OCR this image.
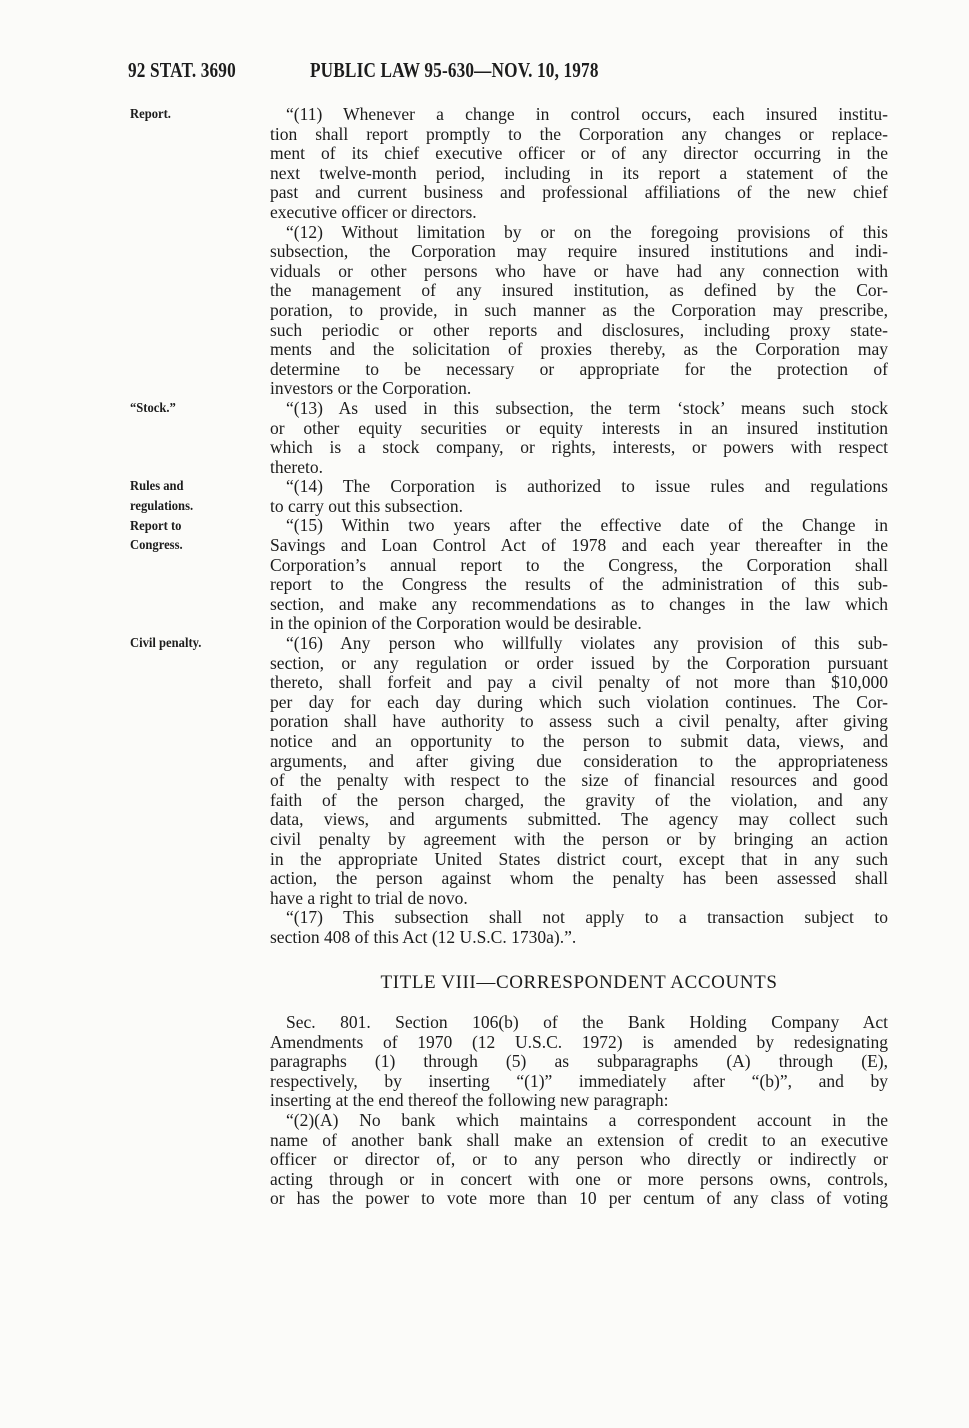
92 STAT. 3690	PUBLIC LAW 95-630—NOV. 10, 1978
Report.
“Stock.”
Rules and
regulations.
Report to
Congress.
Civil penalty.
“(11) Whenever a change in control occurs, each insured institu-
tion shall report promptly to the Corporation any changes or replace-
ment of its chief executive officer or of any director occurring in the
next twelve-month period, including in its report a statement of the
past and current business and professional affiliations of the new chief
executive officer or directors.
“(12) Without limitation by or on the foregoing provisions of this
subsection, the Corporation may require insured institutions and indi-
viduals or other persons who have or have had any connection with
the management of any insured institution, as defined by the Cor-
poration, to provide, in such manner as the Corporation may prescribe,
such periodic or other reports and disclosures, including proxy state-
ments and the solicitation of proxies thereby, as the Corporation may
determine to be necessary or appropriate for the protection of
investors or the Corporation.
“(13) As used in this subsection, the term ‘stock’ means such stock
or other equity securities or equity interests in an insured institution
which is a stock company, or rights, interests, or powers with respect
thereto.
“(14) The Corporation is authorized to issue rules and regulations
to carry out this subsection.
“(15) Within two years after the effective date of the Change in
Savings and Loan Control Act of 1978 and each year thereafter in the
Corporation’s annual report to the Congress, the Corporation shall
report to the Congress the results of the administration of this sub-
section, and make any recommendations as to changes in the law which
in the opinion of the Corporation would be desirable.
“(16) Any person who willfully violates any provision of this sub-
section, or any regulation or order issued by the Corporation pursuant
thereto, shall forfeit and pay a civil penalty of not more than $10,000
per day for each day during which such violation continues. The Cor-
poration shall have authority to assess such a civil penalty, after giving
notice and an opportunity to the person to submit data, views, and
arguments, and after giving due consideration to the appropriateness
of the penalty with respect to the size of financial resources and good
faith of the person charged, the gravity of the violation, and any
data, views, and arguments submitted. The agency may collect such
civil penalty by agreement with the person or by bringing an action
in the appropriate United States district court, except that in any such
action, the person against whom the penalty has been assessed shall
have a right to trial de novo.
“(17) This subsection shall not apply to a transaction subject to
section 408 of this Act (12 U.S.C. 1730a).”.
TITLE VIII—CORRESPONDENT ACCOUNTS
Sec. 801. Section 106(b) of the Bank Holding Company Act
Amendments of 1970 (12 U.S.C. 1972) is amended by redesignating
paragraphs (1) through (5) as subparagraphs (A) through (E),
respectively, by inserting “(1)” immediately after “(b)”, and by
inserting at the end thereof the following new paragraph:
“(2)(A) No bank which maintains a correspondent account in the
name of another bank shall make an extension of credit to an executive
officer or director of, or to any person who directly or indirectly or
acting through or in concert with one or more persons owns, controls,
or has the power to vote more than 10 per centum of any class of voting
